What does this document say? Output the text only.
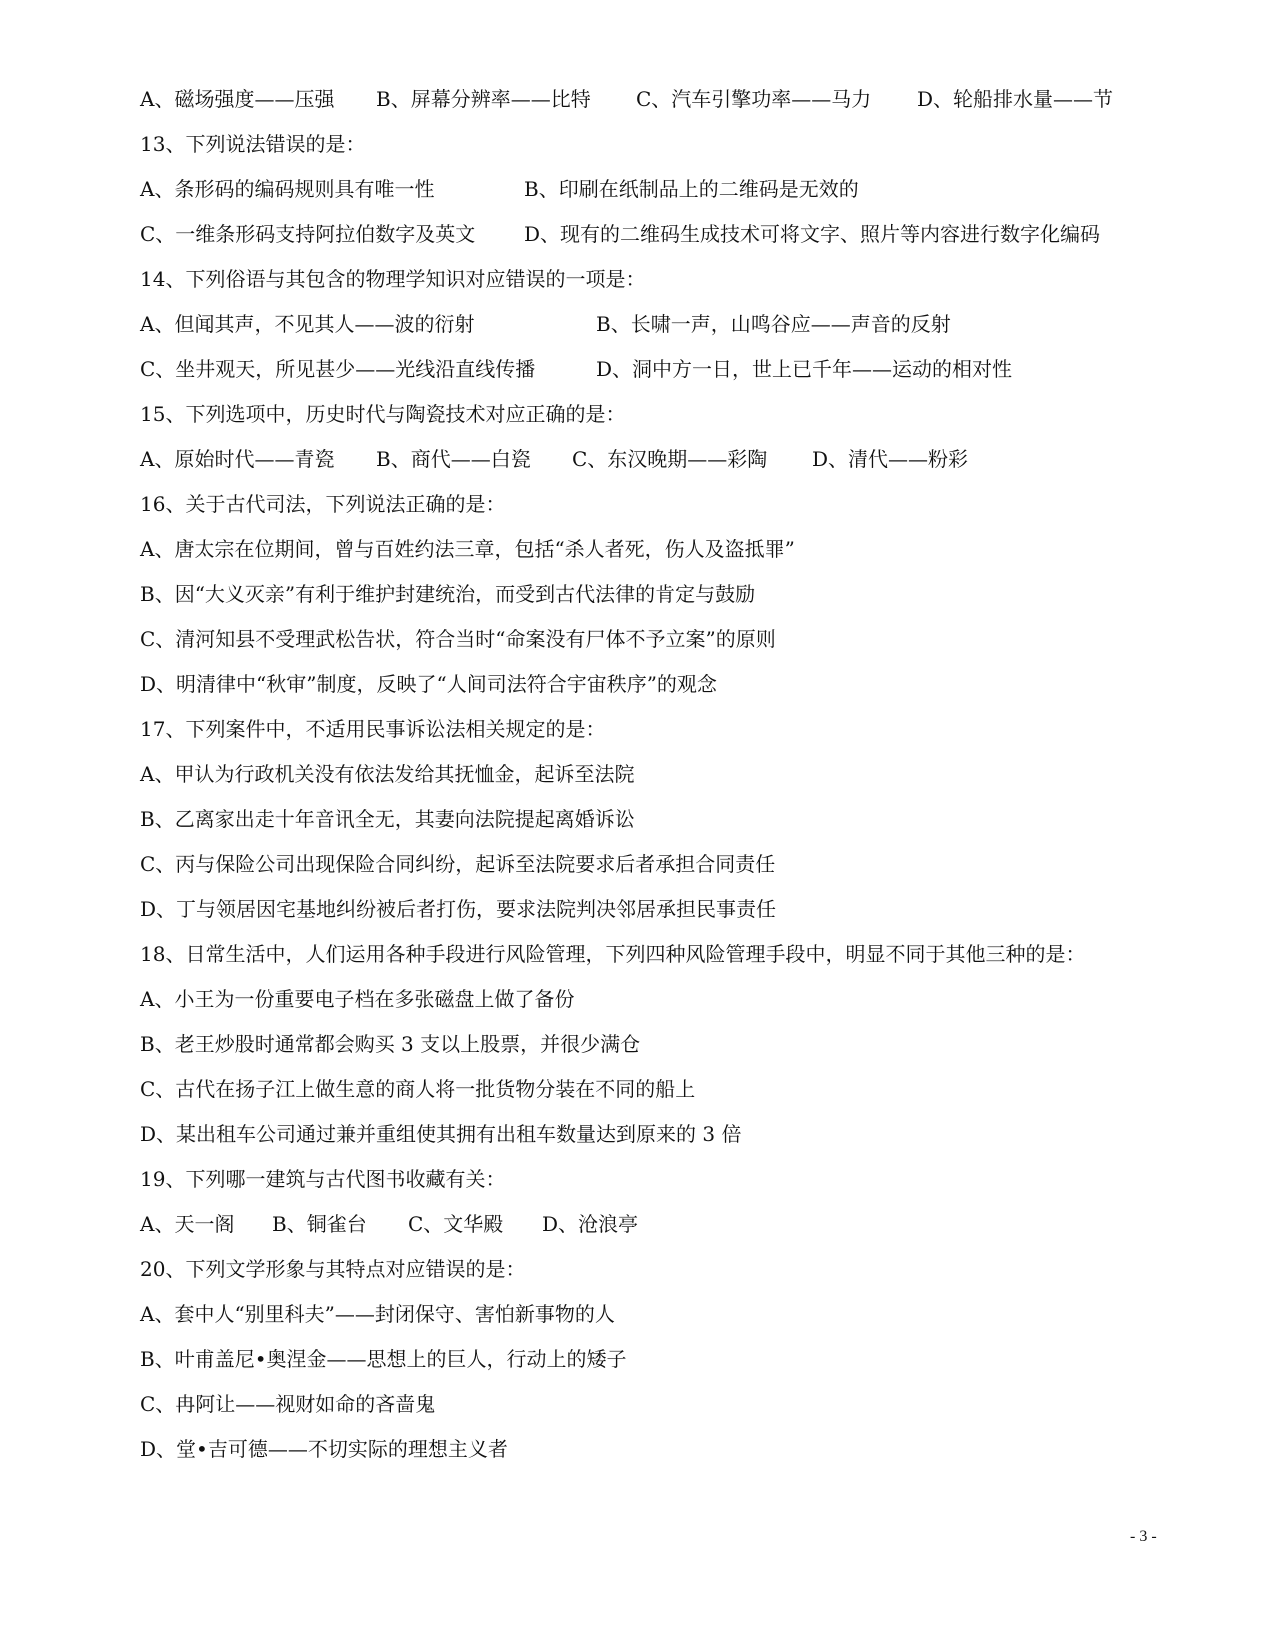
A、磁场强度——压强 B、屏幕分辨率——比特 C、汽车引擎功率——马力 D、轮船排水量——节
13、下列说法错误的是：
A、条形码的编码规则具有唯一性	B、印刷在纸制品上的二维码是无效的
C、一维条形码支持阿拉伯数字及英文 D、现有的二维码生成技术可将文字、照片等内容进行数字化编码
14、下列俗语与其包含的物理学知识对应错误的一项是：
A、但闻其声，不见其人——波的衍射	B、长啸一声，山鸣谷应——声音的反射
C、坐井观天，所见甚少——光线沿直线传播	D、洞中方一日，世上已千年——运动的相对性
15、下列选项中，历史时代与陶瓷技术对应正确的是：
A、原始时代——青瓷 B、商代——白瓷 C、东汉晚期——彩陶 D、清代——粉彩
16、关于古代司法，下列说法正确的是：
A、唐太宗在位期间，曾与百姓约法三章，包括“杀人者死，伤人及盗抵罪”
B、因“大义灭亲”有利于维护封建统治，而受到古代法律的肯定与鼓励
C、清河知县不受理武松告状，符合当时“命案没有尸体不予立案”的原则
D、明清律中“秋审”制度，反映了“人间司法符合宇宙秩序”的观念
17、下列案件中，不适用民事诉讼法相关规定的是：
A、甲认为行政机关没有依法发给其抚恤金，起诉至法院
B、乙离家出走十年音讯全无，其妻向法院提起离婚诉讼
C、丙与保险公司出现保险合同纠纷，起诉至法院要求后者承担合同责任
D、丁与领居因宅基地纠纷被后者打伤，要求法院判决邻居承担民事责任
18、日常生活中，人们运用各种手段进行风险管理，下列四种风险管理手段中，明显不同于其他三种的是：
A、小王为一份重要电子档在多张磁盘上做了备份
B、老王炒股时通常都会购买 3 支以上股票，并很少满仓
C、古代在扬子江上做生意的商人将一批货物分装在不同的船上
D、某出租车公司通过兼并重组使其拥有出租车数量达到原来的 3 倍
19、下列哪一建筑与古代图书收藏有关：
A、天一阁 B、铜雀台 C、文华殿 D、沧浪亭
20、下列文学形象与其特点对应错误的是：
A、套中人“别里科夫”——封闭保守、害怕新事物的人
B、叶甫盖尼•奥涅金——思想上的巨人，行动上的矮子
C、冉阿让——视财如命的吝啬鬼
D、堂•吉可德——不切实际的理想主义者
- 3 -
